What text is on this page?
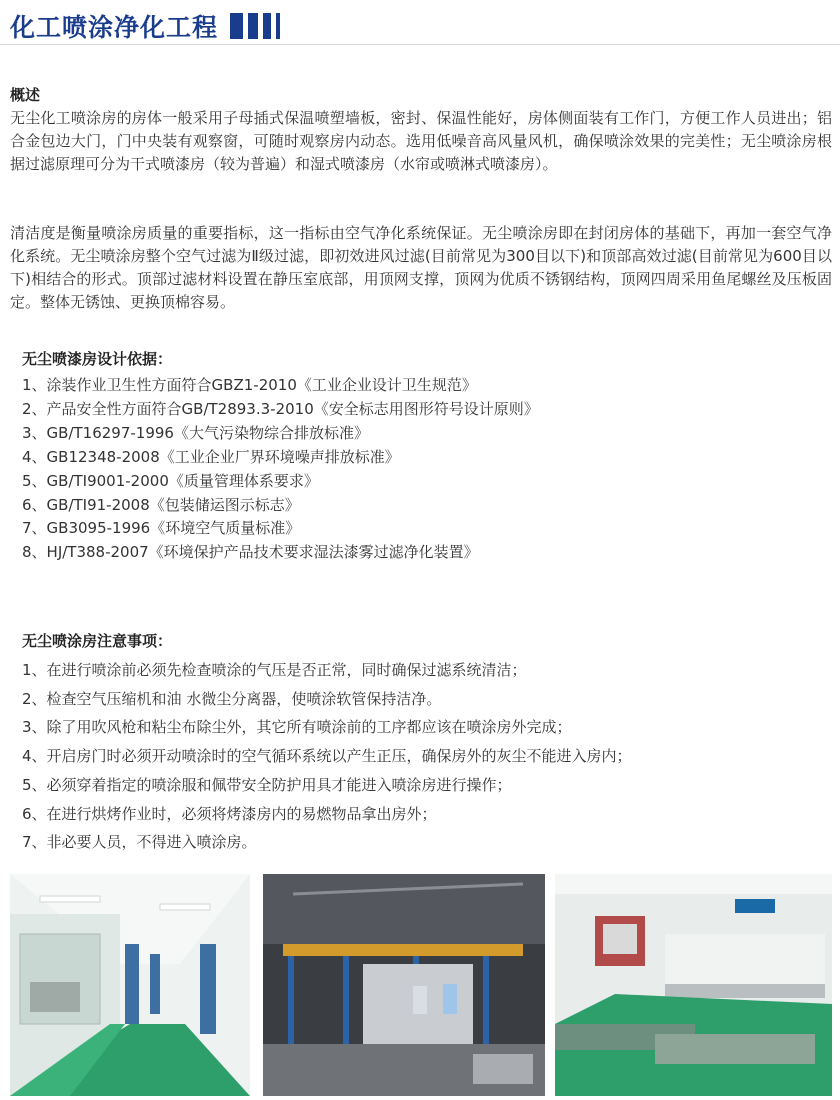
化工喷涂净化工程
概述

无尘化工喷涂房的房体一般采用子母插式保温喷塑墙板，密封、保温性能好，房体侧面装有工作门，方便工作人员进出；铝合金包边大门，门中央装有观察窗，可随时观察房内动态。选用低噪音高风量风机，确保喷涂效果的完美性；无尘喷涂房根据过滤原理可分为干式喷漆房（较为普遍）和湿式喷漆房（水帘或喷淋式喷漆房）。

清洁度是衡量喷涂房质量的重要指标，这一指标由空气净化系统保证。无尘喷涂房即在封闭房体的基础下，再加一套空气净化系统。无尘喷涂房整个空气过滤为Ⅱ级过滤，即初效进风过滤(目前常见为300目以下)和顶部高效过滤(目前常见为600目以下)相结合的形式。顶部过滤材料设置在静压室底部，用顶网支撑，顶网为优质不锈钢结构，顶网四周采用鱼尾螺丝及压板固定。整体无锈蚀、更换顶棉容易。

无尘喷漆房设计依据：
1、涂装作业卫生性方面符合GBZ1-2010《工业企业设计卫生规范》
2、产品安全性方面符合GB/T2893.3-2010《安全标志用图形符号设计原则》
3、GB/T16297-1996《大气污染物综合排放标准》
4、GB12348-2008《工业企业厂界环境噪声排放标准》
5、GB/TI9001-2000《质量管理体系要求》
6、GB/TI91-2008《包装储运图示标志》
7、GB3095-1996《环境空气质量标准》
8、HJ/T388-2007《环境保护产品技术要求湿法漆雾过滤净化装置》
无尘喷涂房注意事项：
1、在进行喷涂前必须先检查喷涂的气压是否正常，同时确保过滤系统清洁；
2、检查空气压缩机和油 水微尘分离器，使喷涂软管保持洁净。
3、除了用吹风枪和粘尘布除尘外，其它所有喷涂前的工序都应该在喷涂房外完成；
4、开启房门时必须开动喷涂时的空气循环系统以产生正压，确保房外的灰尘不能进入房内；
5、必须穿着指定的喷涂服和佩带安全防护用具才能进入喷涂房进行操作；
6、在进行烘烤作业时，必须将烤漆房内的易燃物品拿出房外；
7、非必要人员，不得进入喷涂房。
